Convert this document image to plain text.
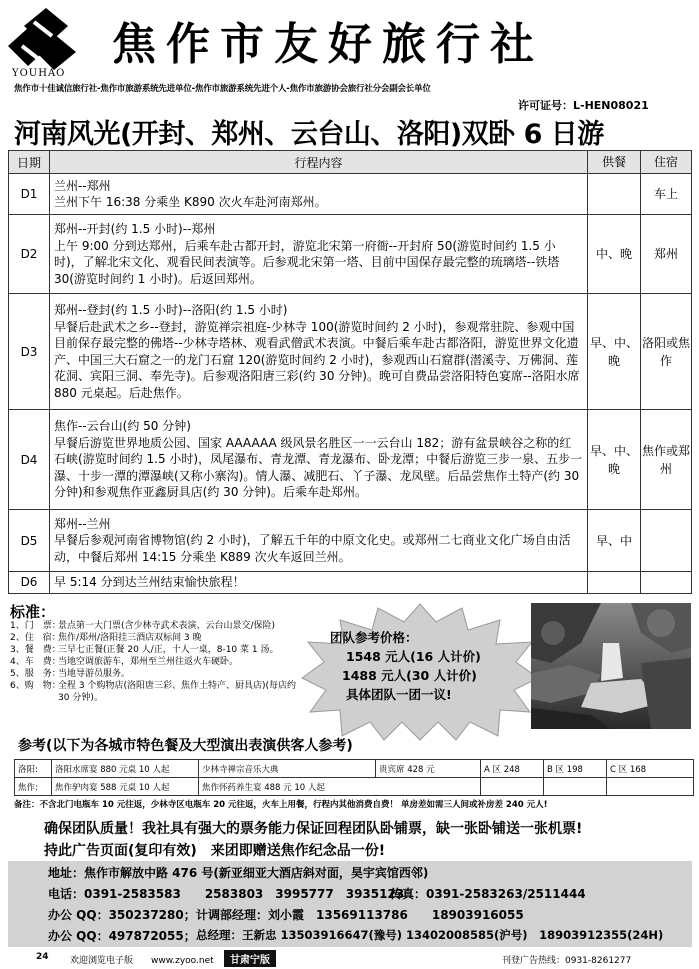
YOUHAO
焦作市友好旅行社
焦作市十佳诚信旅行社-焦作市旅游系统先进单位-焦作市旅游系统先进个人-焦作市旅游协会旅行社分会副会长单位
许可证号：L-HEN08021
河南风光(开封、郑州、云台山、洛阳)双卧 6 日游
日期	行程内容	供餐	住宿
D1	兰州--郑州
兰州下午 16:38 分乘坐 K890 次火车赴河南郑州。		车上
D2	郑州--开封(约 1.5 小时)--郑州
上午 9:00 分到达郑州，后乘车赴古都开封，游览北宋第一府衙--开封府 50(游览时间约 1.5 小时)，了解北宋文化、观看民间表演等。后参观北宋第一塔、目前中国保存最完整的琉璃塔--铁塔 30(游览时间约 1 小时)。后返回郑州。	中、晚	郑州
D3	郑州--登封(约 1.5 小时)--洛阳(约 1.5 小时)
早餐后赴武术之乡--登封，游览禅宗祖庭-少林寺 100(游览时间约 2 小时)，参观常驻院、参观中国目前保存最完整的佛塔--少林寺塔林、观看武僧武术表演。中餐后乘车赴古都洛阳，游览世界文化遗产、中国三大石窟之一的龙门石窟 120(游览时间约 2 小时)，参观西山石窟群(潜溪寺、万佛洞、莲花洞、宾阳三洞、奉先寺)。后参观洛阳唐三彩(约 30 分钟)。晚可自费品尝洛阳特色宴席--洛阳水席 880 元桌起。后赴焦作。	早、中、晚	洛阳或焦作
D4	焦作--云台山(约 50 分钟)
早餐后游览世界地质公园、国家 AAAAAA 级风景名胜区一一云台山 182；游有盆景峡谷之称的红石峡(游览时间约 1.5 小时)，凤尾瀑布、青龙潭、青龙瀑布、卧龙潭；中餐后游览三步一泉、五步一瀑、十步一潭的潭瀑峡(又称小寨沟)。情人瀑、减肥石、丫子瀑、龙凤壁。后品尝焦作土特产(约 30 分钟)和参观焦作亚鑫厨具店(约 30 分钟)。后乘车赴郑州。	早、中、晚	焦作或郑州
D5	郑州--兰州
早餐后参观河南省博物馆(约 2 小时)，了解五千年的中原文化史。或郑州二七商业文化广场自由活动，中餐后郑州 14:15 分乘坐 K889 次火车返回兰州。	早、中	
D6	早 5:14 分到达兰州结束愉快旅程！		
标准：
1、门　票：
景点第一大门票(含少林寺武术表演、云台山景交/保险)
2、住　宿：
焦作/郑州/洛阳挂三酒店双标间 3 晚
3、餐　费：
三早七正餐(正餐 20 人/正，十人一桌，8-10 菜 1 汤。
4、车　费：
当地空调旅游车，郑州至兰州往返火车硬卧。
5、服　务：
当地导游员服务。
6、购　物：
全程 3 个购物店(洛阳唐三彩、焦作土特产、厨具店)(每店约 30 分钟)。
团队参考价格：
1548 元人(16 人计价)
1488 元人(30 人计价)
具体团队一团一议!
参考(以下为各城市特色餐及大型演出表演供客人参考)
洛阳:	洛阳水席宴 880 元桌 10 人起	少林寺禅宗音乐大典	贵宾席 428 元	A 区 248	B 区 198	C 区 168
焦作:	焦作驴肉宴 588 元桌 10 人起	焦作怀药养生宴 488 元 10 人起				
备注：不含北门电瓶车 10 元往返，少林寺区电瓶车 20 元往返，火车上用餐，行程内其他消费自费！ 单房差如需三人间或补房差 240 元人!
确保团队质量！我社具有强大的票务能力保证回程团队卧铺票，缺一张卧铺送一张机票!
持此广告页面(复印有效)　来团即赠送焦作纪念品一份!
地址：焦作市解放中路 476 号(新亚细亚大酒店斜对面，昊宇宾馆西邻)
电话：0391-2583583　　2583803　3995777　3935123
传真：0391-2583263/2511444
办公 QQ：350237280； 计调部经理：刘小霞　13569113786　　18903916055
办公 QQ：497872055； 总经理：王新忠 13503916647(豫号) 13402008585(沪号)　18903912355(24H)
24 欢迎浏览电子版　　www.zyoo.net	甘肃宁版	刊登广告热线：0931-8261277
